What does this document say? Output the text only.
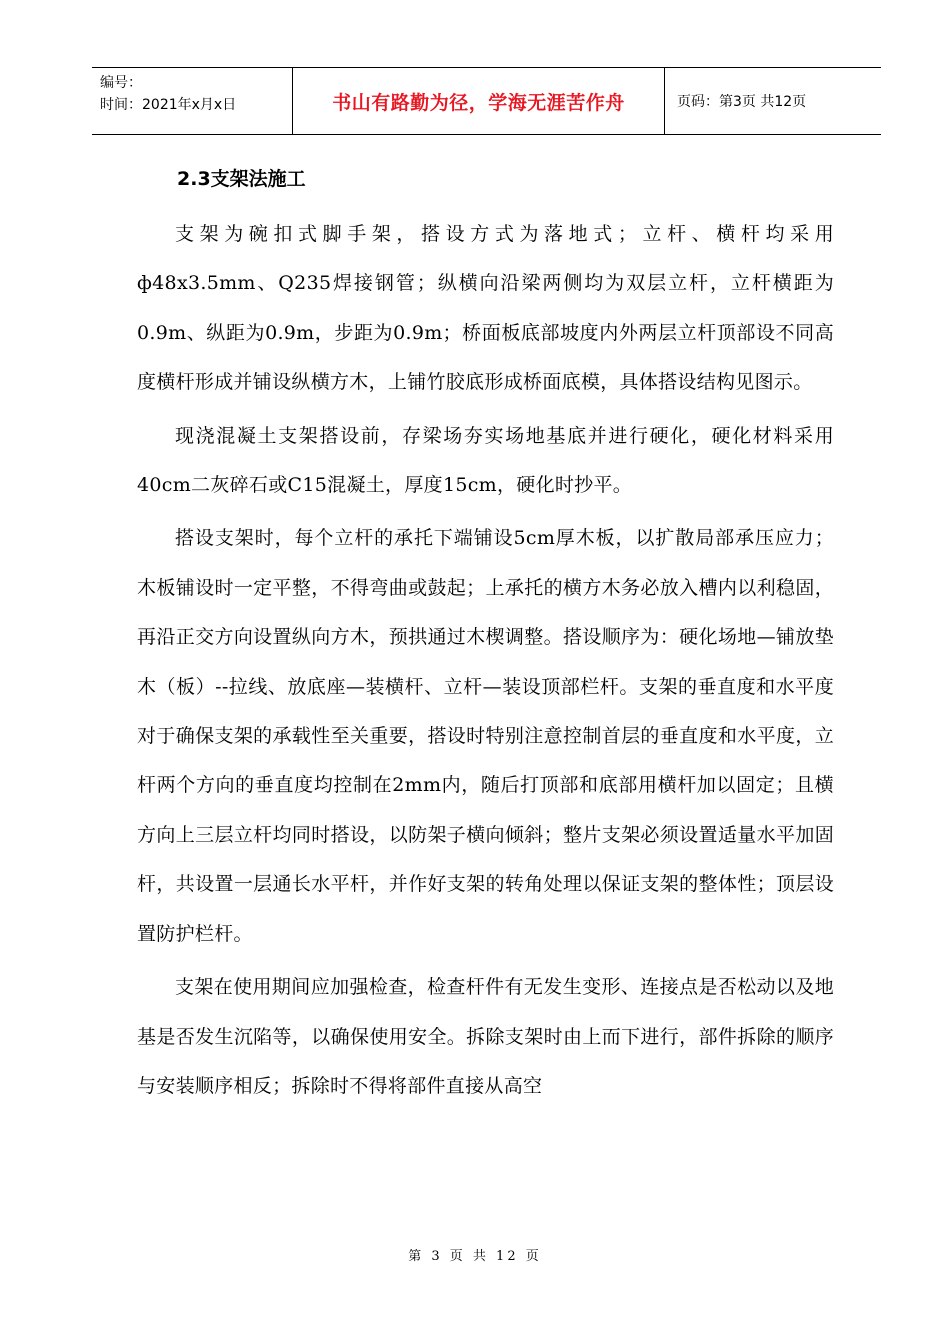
编号：
时间：2021年x月x日	书山有路勤为径，学海无涯苦作舟	页码：第3页 共12页
2.3支架法施工

支架为碗扣式脚手架，搭设方式为落地式；立杆、横杆均采用ф48x3.5mm、Q235焊接钢管；纵横向沿梁两侧均为双层立杆，立杆横距为0.9m、纵距为0.9m，步距为0.9m；桥面板底部坡度内外两层立杆顶部设不同高度横杆形成并铺设纵横方木，上铺竹胶底形成桥面底模，具体搭设结构见图示。

现浇混凝土支架搭设前，存梁场夯实场地基底并进行硬化，硬化材料采用40cm二灰碎石或C15混凝土，厚度15cm，硬化时抄平。

搭设支架时，每个立杆的承托下端铺设5cm厚木板，以扩散局部承压应力；木板铺设时一定平整，不得弯曲或鼓起；上承托的横方木务必放入槽内以利稳固，再沿正交方向设置纵向方木，预拱通过木楔调整。搭设顺序为：硬化场地—铺放垫木（板）--拉线、放底座—装横杆、立杆—装设顶部栏杆。支架的垂直度和水平度对于确保支架的承载性至关重要，搭设时特别注意控制首层的垂直度和水平度，立杆两个方向的垂直度均控制在2mm内，随后打顶部和底部用横杆加以固定；且横方向上三层立杆均同时搭设，以防架子横向倾斜；整片支架必须设置适量水平加固杆，共设置一层通长水平杆，并作好支架的转角处理以保证支架的整体性；顶层设置防护栏杆。

支架在使用期间应加强检查，检查杆件有无发生变形、连接点是否松动以及地基是否发生沉陷等，以确保使用安全。拆除支架时由上而下进行，部件拆除的顺序与安装顺序相反；拆除时不得将部件直接从高空

第 3 页 共 12 页
